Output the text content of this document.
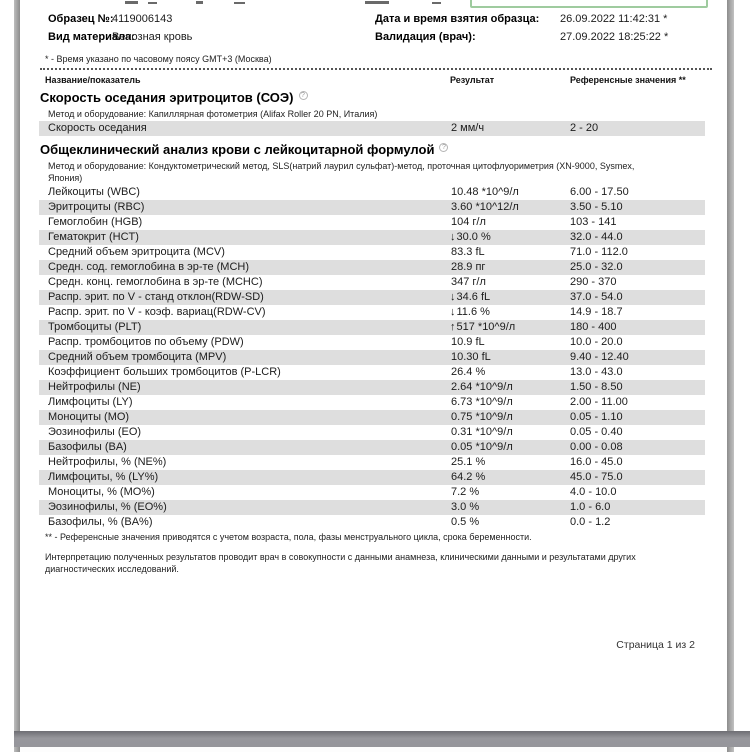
Образец №:
4119006143
Вид материала:
Венозная кровь
Дата и время взятия образца: 26.09.2022 11:42:31 *
Валидация (врач):	27.09.2022 18:25:22 *
* - Время указано по часовому поясу GMT+3 (Москва)
Название/показатель	Результат	Референсные значения **
Скорость оседания эритроцитов (СОЭ) ?
Метод и оборудование: Капиллярная фотометрия (Alifax Roller 20 PN, Италия)
Скорость оседания	2 мм/ч	2 - 20
Общеклинический анализ крови с лейкоцитарной формулой ?
Метод и оборудование: Кондуктометрический метод, SLS(натрий лаурил сульфат)-метод, проточная цитофлуориметрия (XN-9000, Sysmex, Япония)
Лейкоциты (WBC)	10.48 *10^9/л	6.00 - 17.50
Эритроциты (RBC)	3.60 *10^12/л	3.50 - 5.10
Гемоглобин (HGB)	104 г/л	103 - 141
Гематокрит (HCT)	↓30.0 %	32.0 - 44.0
Средний объем эритроцита (MCV)	83.3 fL	71.0 - 112.0
Средн. сод. гемоглобина в эр-те (MCH)	28.9 пг	25.0 - 32.0
Средн. конц. гемоглобина в эр-те (MCHC)	347 г/л	290 - 370
Распр. эрит. по V - станд отклон(RDW-SD)	↓34.6 fL	37.0 - 54.0
Распр. эрит. по V - коэф. вариац(RDW-CV)	↓11.6 %	14.9 - 18.7
Тромбоциты (PLT)	↑517 *10^9/л	180 - 400
Распр. тромбоцитов по объему (PDW)	10.9 fL	10.0 - 20.0
Средний объем тромбоцита (MPV)	10.30 fL	9.40 - 12.40
Коэффициент больших тромбоцитов (P-LCR)	26.4 %	13.0 - 43.0
Нейтрофилы (NE)	2.64 *10^9/л	1.50 - 8.50
Лимфоциты (LY)	6.73 *10^9/л	2.00 - 11.00
Моноциты (MO)	0.75 *10^9/л	0.05 - 1.10
Эозинофилы (EO)	0.31 *10^9/л	0.05 - 0.40
Базофилы (BA)	0.05 *10^9/л	0.00 - 0.08
Нейтрофилы, % (NE%)	25.1 %	16.0 - 45.0
Лимфоциты, % (LY%)	64.2 %	45.0 - 75.0
Моноциты, % (MO%)	7.2 %	4.0 - 10.0
Эозинофилы, % (EO%)	3.0 %	1.0 - 6.0
Базофилы, % (BA%)	0.5 %	0.0 - 1.2
** - Референсные значения приводятся с учетом возраста, пола, фазы менструального цикла, срока беременности.
Интерпретацию полученных результатов проводит врач в совокупности с данными анамнеза, клиническими данными и результатами других диагностических исследований.
Страница 1 из 2
